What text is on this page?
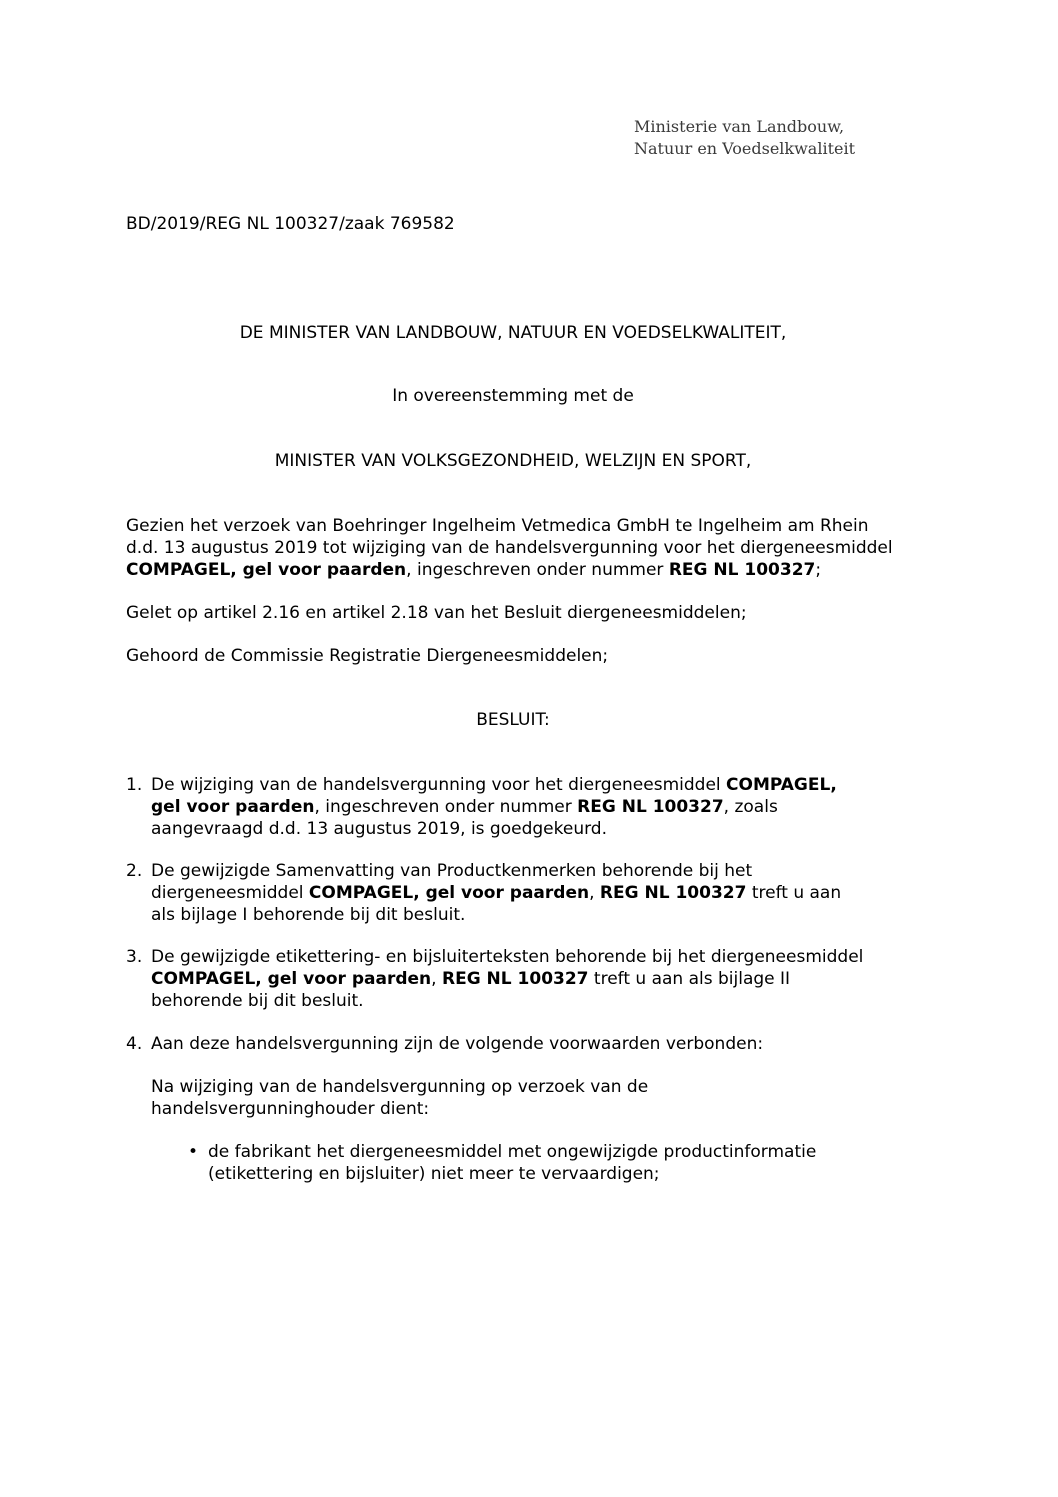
Ministerie van Landbouw,
Natuur en Voedselkwaliteit
BD/2019/REG NL 100327/zaak 769582
DE MINISTER VAN LANDBOUW, NATUUR EN VOEDSELKWALITEIT,
In overeenstemming met de
MINISTER VAN VOLKSGEZONDHEID, WELZIJN EN SPORT,
Gezien het verzoek van Boehringer Ingelheim Vetmedica GmbH te Ingelheim am Rhein
d.d. 13 augustus 2019 tot wijziging van de handelsvergunning voor het diergeneesmiddel
COMPAGEL, gel voor paarden, ingeschreven onder nummer REG NL 100327;
Gelet op artikel 2.16 en artikel 2.18 van het Besluit diergeneesmiddelen;
Gehoord de Commissie Registratie Diergeneesmiddelen;
BESLUIT:
1. De wijziging van de handelsvergunning voor het diergeneesmiddel COMPAGEL,
gel voor paarden, ingeschreven onder nummer REG NL 100327, zoals
aangevraagd d.d. 13 augustus 2019, is goedgekeurd.
2. De gewijzigde Samenvatting van Productkenmerken behorende bij het
diergeneesmiddel COMPAGEL, gel voor paarden, REG NL 100327 treft u aan
als bijlage I behorende bij dit besluit.
3. De gewijzigde etikettering- en bijsluiterteksten behorende bij het diergeneesmiddel
COMPAGEL, gel voor paarden, REG NL 100327 treft u aan als bijlage II
behorende bij dit besluit.
4. Aan deze handelsvergunning zijn de volgende voorwaarden verbonden:
Na wijziging van de handelsvergunning op verzoek van de
handelsvergunninghouder dient:
• de fabrikant het diergeneesmiddel met ongewijzigde productinformatie
(etikettering en bijsluiter) niet meer te vervaardigen;
